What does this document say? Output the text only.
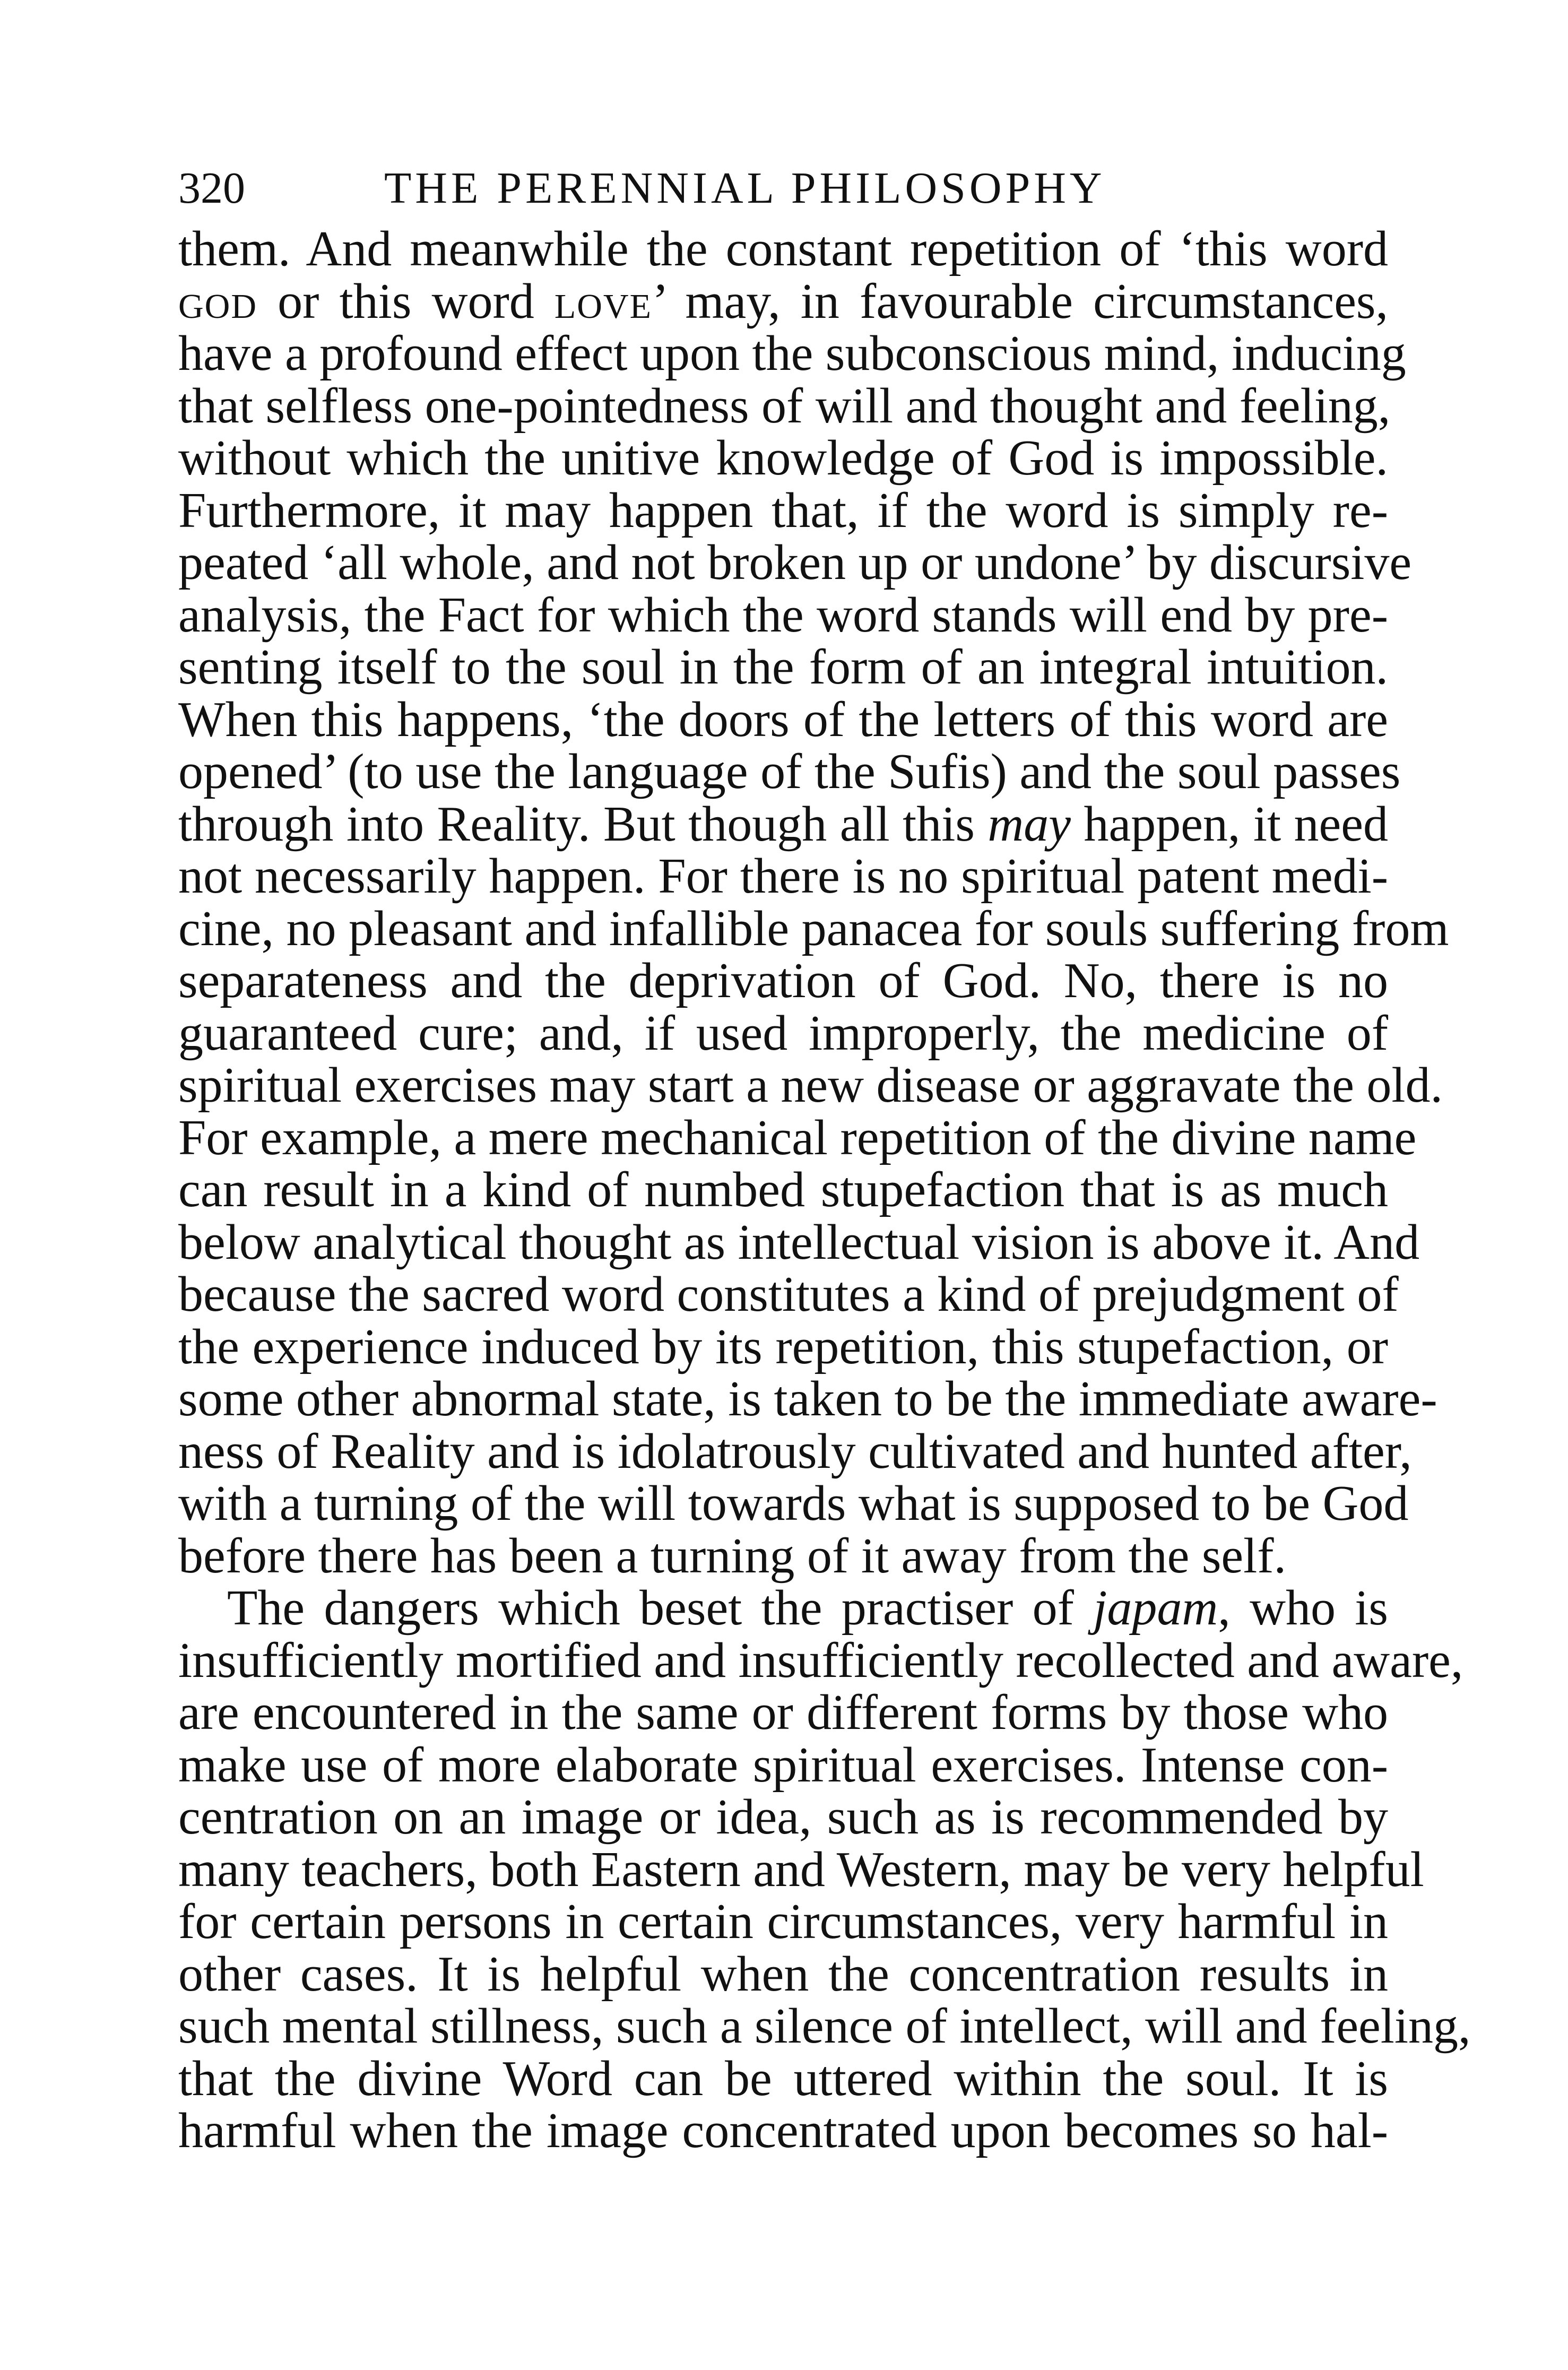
320	THE PERENNIAL PHILOSOPHY
them. And meanwhile the constant repetition of ‘this word
god or this word love’ may, in favourable circumstances,
have a profound effect upon the subconscious mind, inducing
that selfless one-pointedness of will and thought and feeling,
without which the unitive knowledge of God is impossible.
Furthermore, it may happen that, if the word is simply re-
peated ‘all whole, and not broken up or undone’ by discursive
analysis, the Fact for which the word stands will end by pre-
senting itself to the soul in the form of an integral intuition.
When this happens, ‘the doors of the letters of this word are
opened’ (to use the language of the Sufis) and the soul passes
through into Reality. But though all this may happen, it need
not necessarily happen. For there is no spiritual patent medi-
cine, no pleasant and infallible panacea for souls suffering from
separateness and the deprivation of God. No, there is no
guaranteed cure; and, if used improperly, the medicine of
spiritual exercises may start a new disease or aggravate the old.
For example, a mere mechanical repetition of the divine name
can result in a kind of numbed stupefaction that is as much
below analytical thought as intellectual vision is above it. And
because the sacred word constitutes a kind of prejudgment of
the experience induced by its repetition, this stupefaction, or
some other abnormal state, is taken to be the immediate aware-
ness of Reality and is idolatrously cultivated and hunted after,
with a turning of the will towards what is supposed to be God
before there has been a turning of it away from the self.
The dangers which beset the practiser of japam, who is
insufficiently mortified and insufficiently recollected and aware,
are encountered in the same or different forms by those who
make use of more elaborate spiritual exercises. Intense con-
centration on an image or idea, such as is recommended by
many teachers, both Eastern and Western, may be very helpful
for certain persons in certain circumstances, very harmful in
other cases. It is helpful when the concentration results in
such mental stillness, such a silence of intellect, will and feeling,
that the divine Word can be uttered within the soul. It is
harmful when the image concentrated upon becomes so hal-
